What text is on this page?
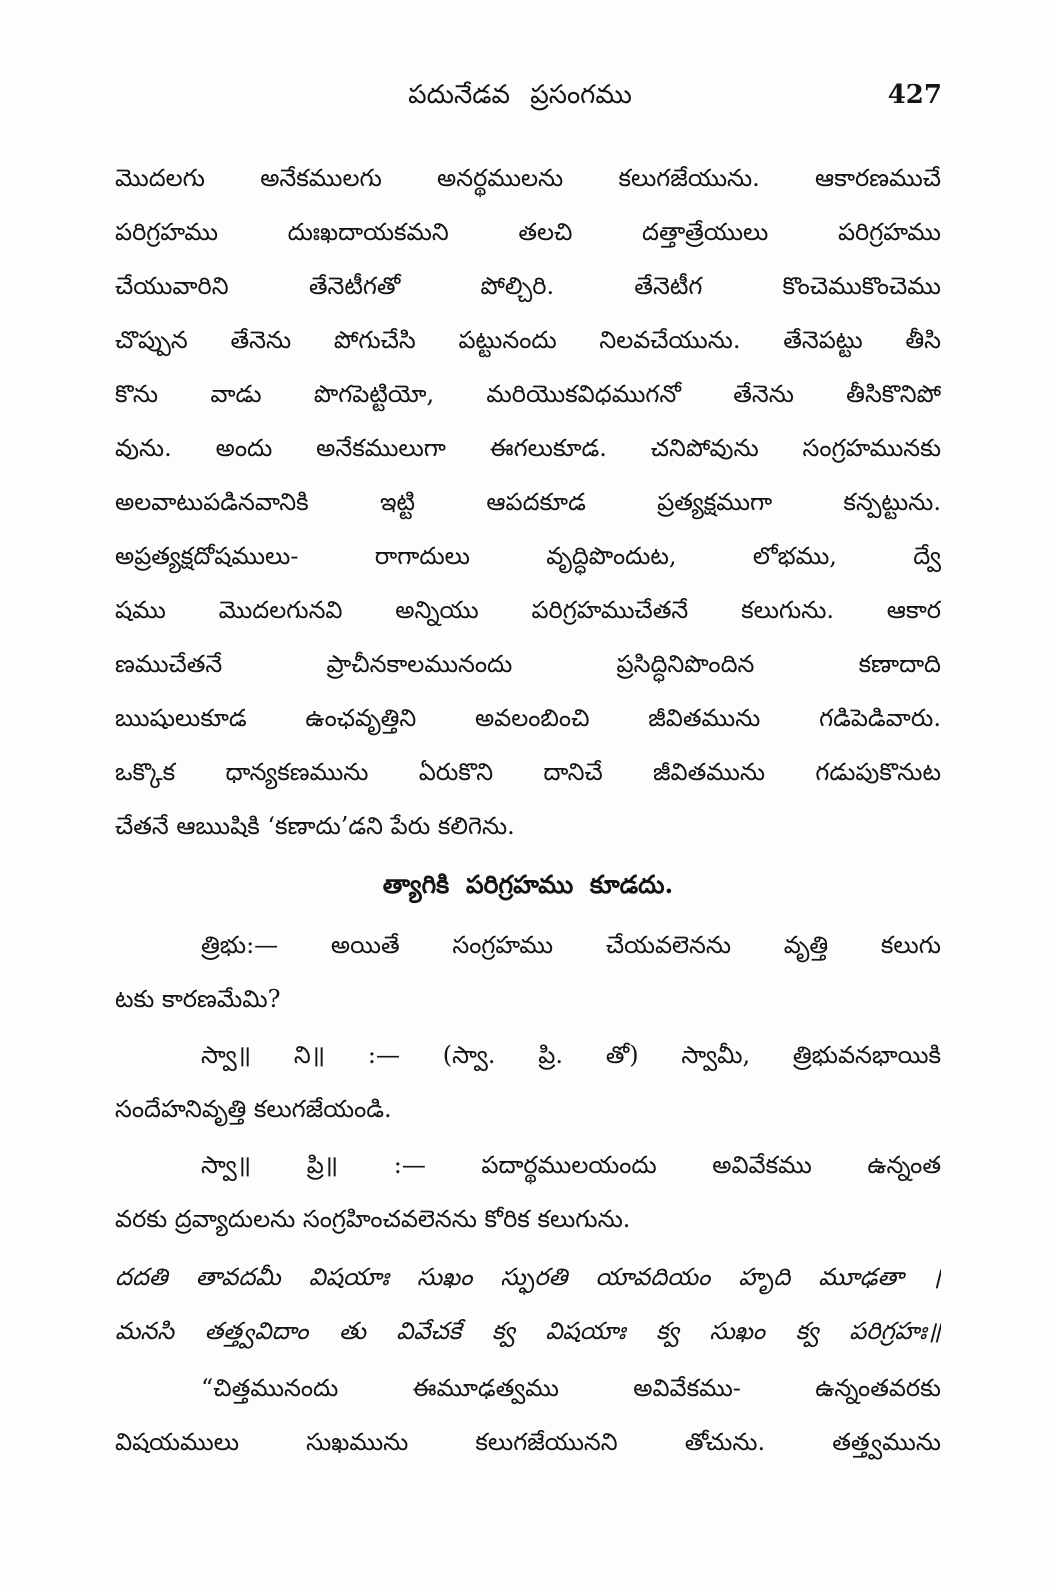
పదునేడవ ప్రసంగము	427
మొదలగు అనేకములగు అనర్థములను కలుగజేయును. ఆకారణముచే
పరిగ్రహము దుఃఖదాయకమని తలచి దత్తాత్రేయులు పరిగ్రహము
చేయువారిని తేనెటీగతో పోల్చిరి. తేనెటీగ కొంచెముకొంచెము
చొప్పున తేనెను పోగుచేసి పట్టునందు నిలవచేయును. తేనెపట్టు తీసి
కొను వాడు పొగపెట్టియో, మరియొకవిధముగనో తేనెను తీసికొనిపో
వును. అందు అనేకములుగా ఈగలుకూడ. చనిపోవును సంగ్రహమునకు
అలవాటుపడినవానికి ఇట్టి ఆపదకూడ ప్రత్యక్షముగా కన్పట్టును.
అప్రత్యక్షదోషములు- రాగాదులు వృద్ధిపొందుట, లోభము, ద్వే
షము మొదలగునవి అన్నియు పరిగ్రహముచేతనే కలుగును. ఆకార
ణముచేతనే ప్రాచీనకాలమునందు ప్రసిద్ధినిపొందిన కణాదాది
ఋషులుకూడ ఉంఛవృత్తిని అవలంబించి జీవితమును గడిపెడివారు.
ఒక్కొక ధాన్యకణమును ఏరుకొని దానిచే జీవితమును గడుపుకొనుట
చేతనే ఆఋషికి ‘కణాదు’డని పేరు కలిగెను.
త్యాగికి పరిగ్రహము కూడదు.
త్రిభు:— అయితే సంగ్రహము చేయవలెనను వృత్తి కలుగు
టకు కారణమేమి?
స్వా॥ ని॥ :— (స్వా. ప్రి. తో) స్వామీ, త్రిభువనభాయికి
సందేహనివృత్తి కలుగజేయండి.
స్వా॥ ప్రి॥ :— పదార్థములయందు అవివేకము ఉన్నంత
వరకు ద్రవ్యాదులను సంగ్రహించవలెనను కోరిక కలుగును.
దదతి తావదమీ విషయాః సుఖం స్ఫురతి యావదియం హృది మూఢతా ।
మనసి తత్త్వవిదాం తు వివేచకే క్వ విషయాః క్వ సుఖం క్వ పరిగ్రహః॥
“చిత్తమునందు ఈమూఢత్వము అవివేకము- ఉన్నంతవరకు
విషయములు సుఖమును కలుగజేయునని తోచును. తత్త్వమును
